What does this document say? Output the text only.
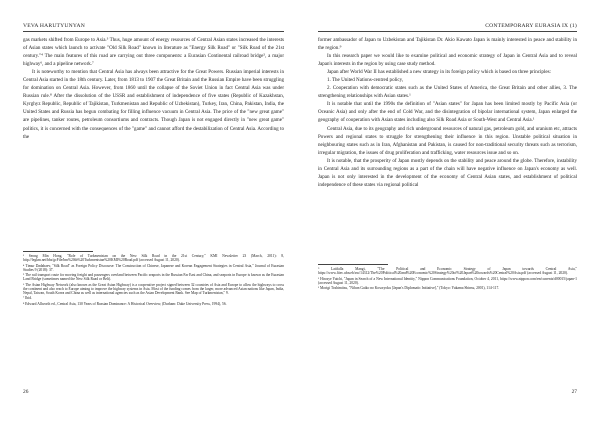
VEVA HARUTYUNYAN

gas markets shifted from Europe to Asia.³ Thus, huge amount of energy resources of Central Asian states increased the interests of Asian states which launch to activate "Old Silk Road" known in literature as "Energy Silk Road" or "Silk Road of the 21st century."⁴ The main features of this road are carrying out three components: a Eurasian Continental railroad bridge⁵, a major highway⁶, and a pipeline network.⁷

It is noteworthy to mention that Central Asia has always been attractive for the Great Powers. Russian imperial interests in Central Asia started in the 18th century. Later, from 1813 to 1907 the Great Britain and the Russian Empire have been struggling for domination on Central Asia. However, from 1860 until the collapse of the Soviet Union in fact Central Asia was under Russian rule.⁸ After the dissolution of the USSR and establishment of independence of five states (Republic of Kazakhstan, Kyrghyz Republic, Republic of Tajikistan, Turkmenistan and Republic of Uzbekistan), Turkey, Iran, China, Pakistan, India, the United States and Russia has begun combating for filling influence vacuum in Central Asia. The price of the "new great game" are pipelines, tanker routes, petroleum consortiums and contracts. Though Japan is not engaged directly in "new great game" politics, it is concerned with the consequences of the "game" and cannot afford the destabilization of Central Asia. According to the

³ Seong Min Hong, "Role of Turkmenistan on the New Silk Road in the 21st Century," KMI Newsletter 23 (March, 2011): 8, http://legkm.net/bbs/gcFile/hm%20tb%20Turkmenistan%20KMI%20Road.pdf (accessed August 11, 2020).

⁴ Timur Dadabaev, "Silk Road" as Foreign Policy Discourse: The Construction of Chinese, Japanese and Korean Engagement Strategies in Central Asia," Journal of Eurasian Studies 9 (2018): 37.

⁵ The rail transport route for moving freight and passengers overland between Pacific seaports in the Russian Far East and China, and seaports in Europe is known as the Eurasian Land Bridge (sometimes named the New Silk Road or Belt).

⁶ The Asian Highway Network (also known as the Great Asian Highway) is a cooperative project signed between 32 countries of Asia and Europe to allow the highways to cross the continent and also reach to Europe aiming to improve the highway systems in Asia. Most of the funding comes from the larger, more advanced Asian nations like Japan, India, Nepal, Taiwan, South Korea and China as well as international agencies such as the Asian Development Bank. See Map of Turkmenistan," 9.

⁷ Ibid.

⁸ Edward Allworth ed., Central Asia, 130 Years of Russian Dominance: A Historical Overview, (Durham: Duke University Press, 1994), 56.

26
CONTEMPORARY EURASIA IX (1)

former ambassador of Japan to Uzbekistan and Tajikistan Dr. Akio Kawato Japan is mainly interested in peace and stability in the region.⁹

In this research paper we would like to examine political and economic strategy of Japan in Central Asia and to reveal Japan's interests in the region by using case study method.

Japan after World War II has established a new strategy in its foreign policy which is based on three principles:

1. The United Nations-centred policy,

2. Cooperation with democratic states such as the United States of America, the Great Britain and other allies, 3. The strengthening relationships with Asian states.¹

It is notable that until the 1990s the definition of "Asian states" for Japan has been limited mostly by Pacific Asia (or Oceanic Asia) and only after the end of Cold War, and the disintegration of bipolar international system, Japan enlarged the geography of cooperation with Asian states including also Silk Road Asia or South-West and Central Asia.¹

Central Asia, due to its geography and rich underground resources of natural gas, petroleum gold, and uranium etc, attracts Powers and regional states to struggle for strengthening their influence in this region. Unstable political situation in neighbouring states such as in Iran, Afghanistan and Pakistan, is caused for non-traditional security threats such as terrorism, irregular migration, the issues of drug proliferation and trafficking, water resources issue and so on.

It is notable, that the prosperity of Japan mostly depends on the stability and peace around the globe. Therefore, instability in Central Asia and its surrounding regions as a part of the chain will have negative influence on Japan's economy as well. Japan is not only interested in the development of the economy of Central Asian states, and establishment of political independence of these states via regional political

⁹ Latifalla Mangi, "The Political and Economic Strategy of Japan towards Central Asia," https://www.fiiec.ubn.eb/aw/14312/The%20Political%20and%20Economic%20Strategy%20of%20Japan%20towards%20Central%20Asia.pdf (accessed August 11, 2020).

¹ Hirosye Yuichi, "Japan in Search of a New International Identity," Nippon Communications Foundation, October 4, 2011, https://www.nippon.com/en/currents/d00015/japan-1 (accessed August 11, 2020).

¹ Morigi Toshimitsu, "Nihon Gaiko no Kosoryoku [Japan's Diplomatic Initiative]," (Tokyo: Yukama Shinsu, 2001), 114-117.

27
